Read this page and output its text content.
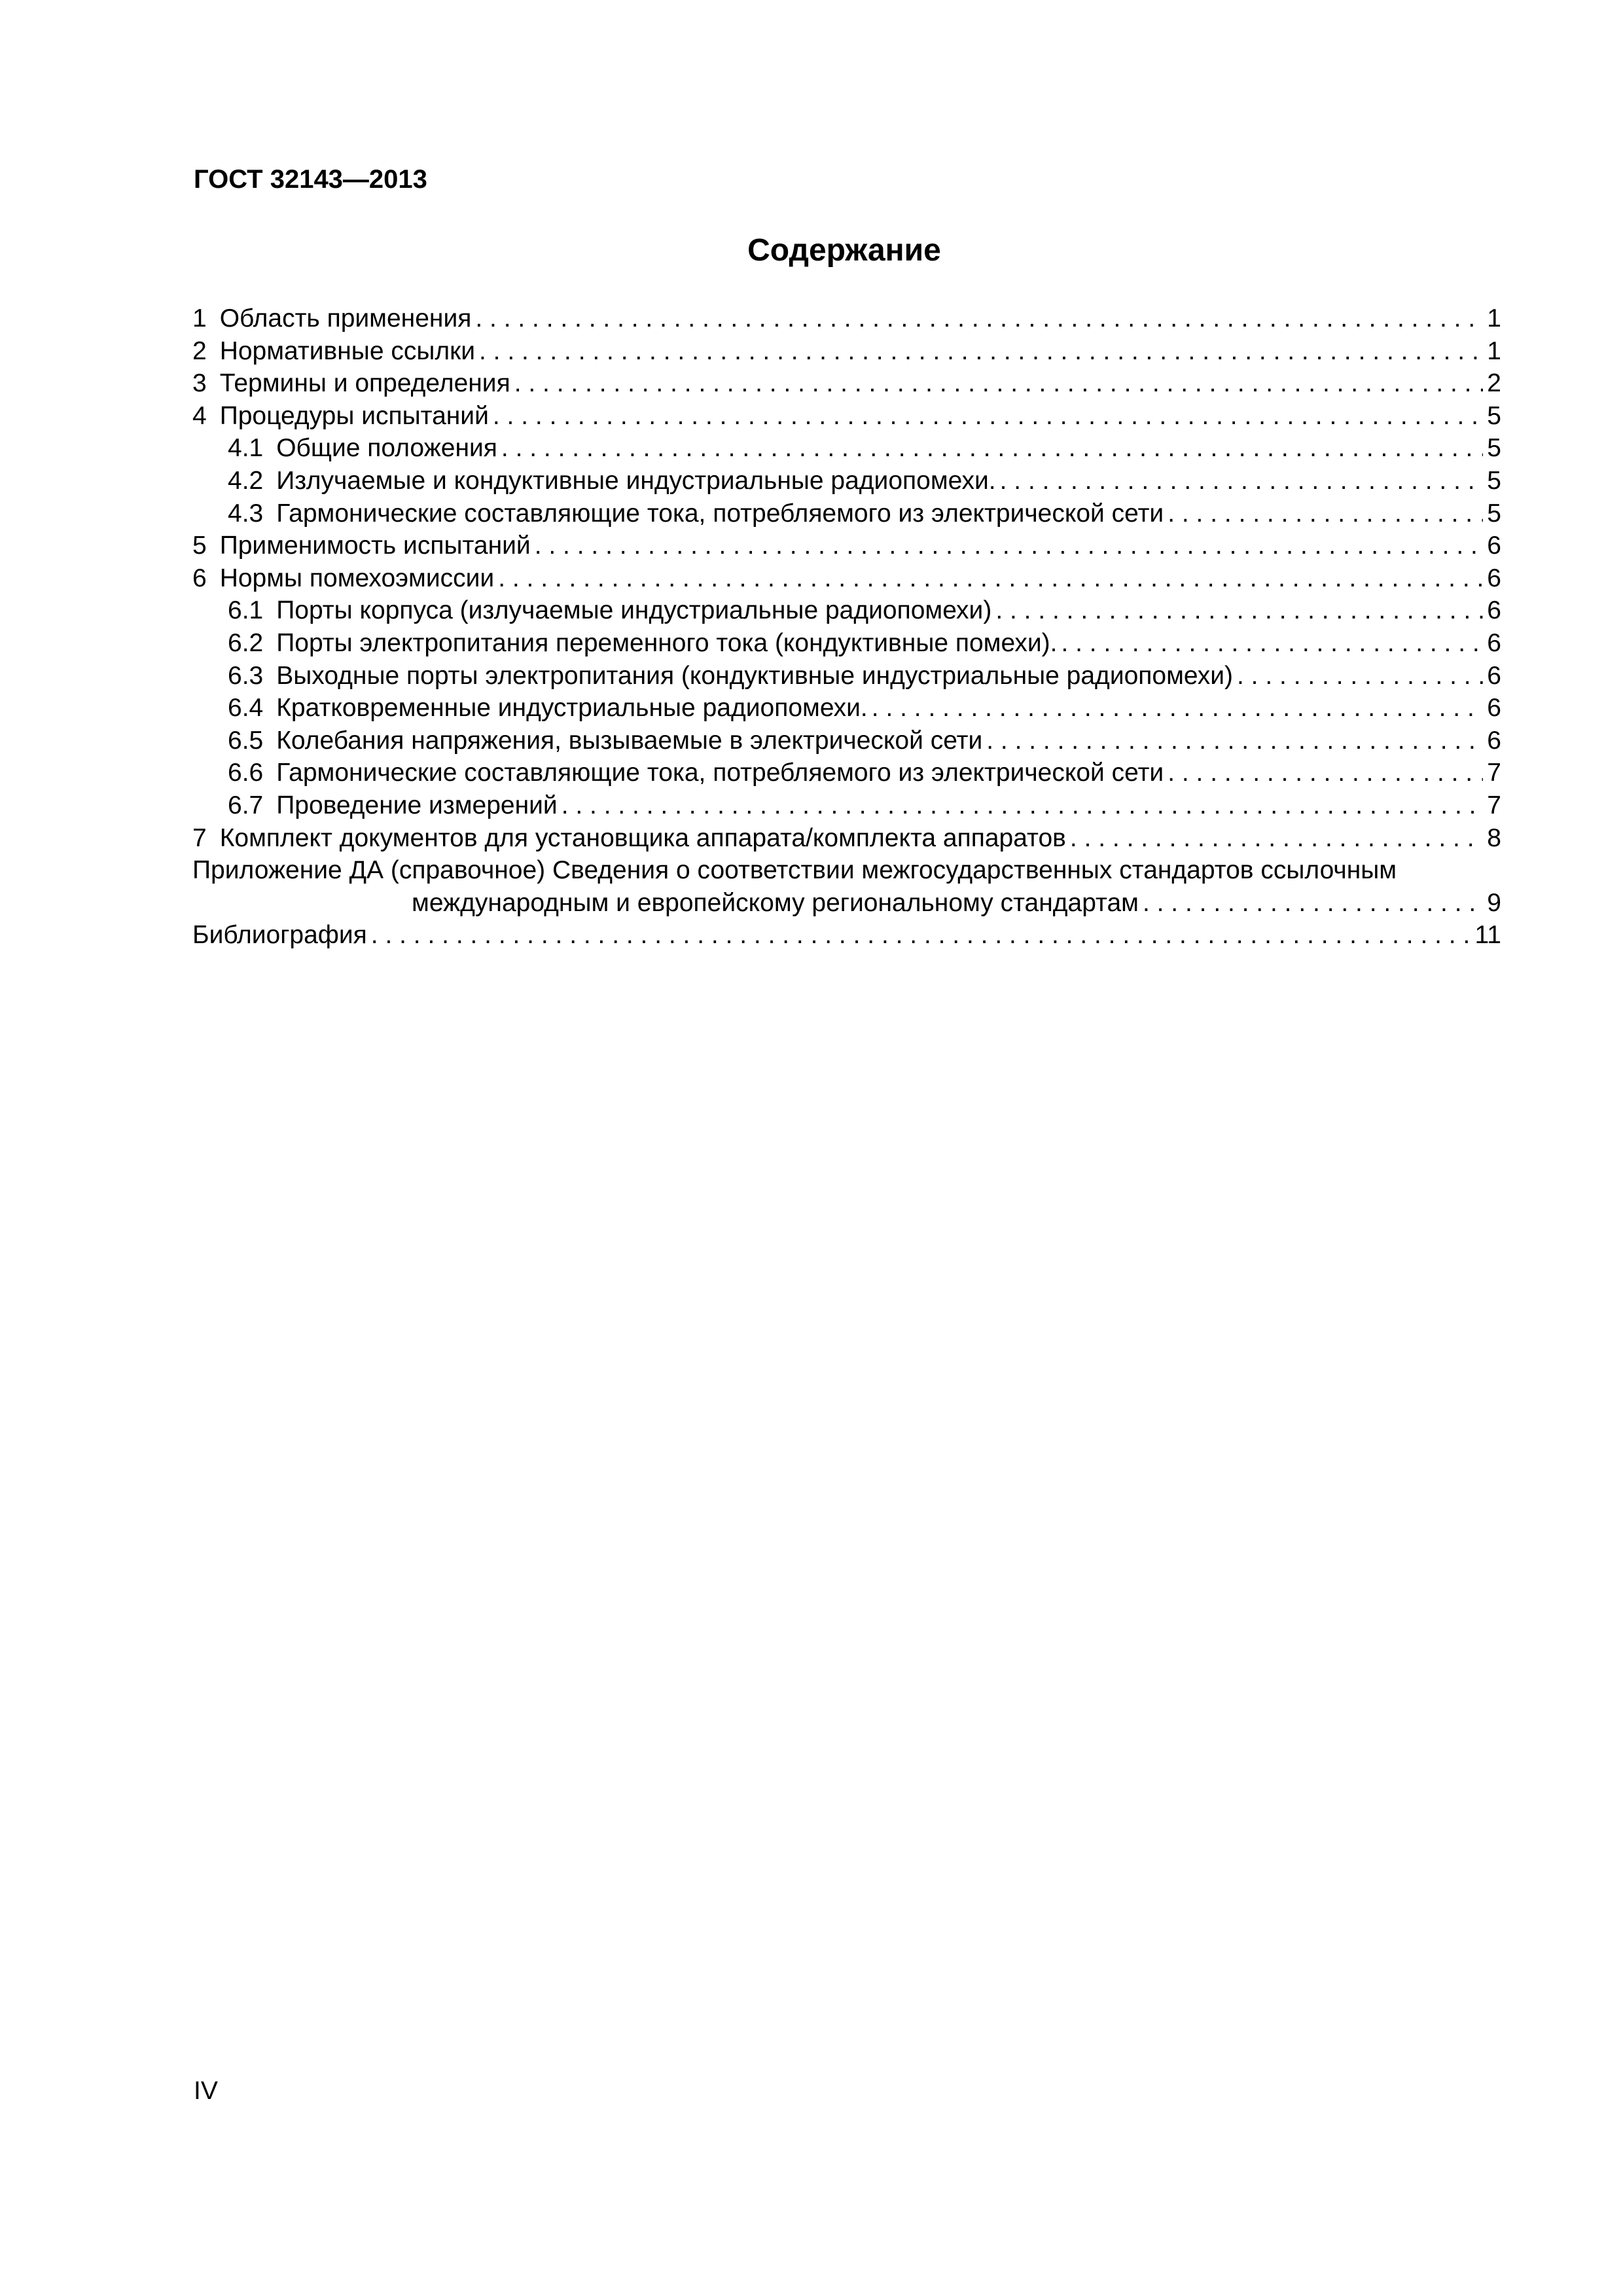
ГОСТ 32143—2013
Содержание
1 Область применения . . .	1
2 Нормативные ссылки . . .	1
3 Термины и определения . . .	2
4 Процедуры испытаний . . .	5
4.1 Общие положения . . .	5
4.2 Излучаемые и кондуктивные индустриальные радиопомехи. . . .	5
4.3 Гармонические составляющие тока, потребляемого из электрической сети . . .	5
5 Применимость испытаний . . .	6
6 Нормы помехоэмиссии . . .	6
6.1 Порты корпуса (излучаемые индустриальные радиопомехи) . . .	6
6.2 Порты электропитания переменного тока (кондуктивные помехи). . . .	6
6.3 Выходные порты электропитания (кондуктивные индустриальные радиопомехи) . . .	6
6.4 Кратковременные индустриальные радиопомехи. . . .	6
6.5 Колебания напряжения, вызываемые в электрической сети . . .	6
6.6 Гармонические составляющие тока, потребляемого из электрической сети . . .	7
6.7 Проведение измерений . . .	7
7 Комплект документов для установщика аппарата/комплекта аппаратов . . .	8
Приложение ДА (справочное) Сведения о соответствии межгосударственных стандартов ссылочным
международным и европейскому региональному стандартам . . .	9
Библиография . . .	11
IV
